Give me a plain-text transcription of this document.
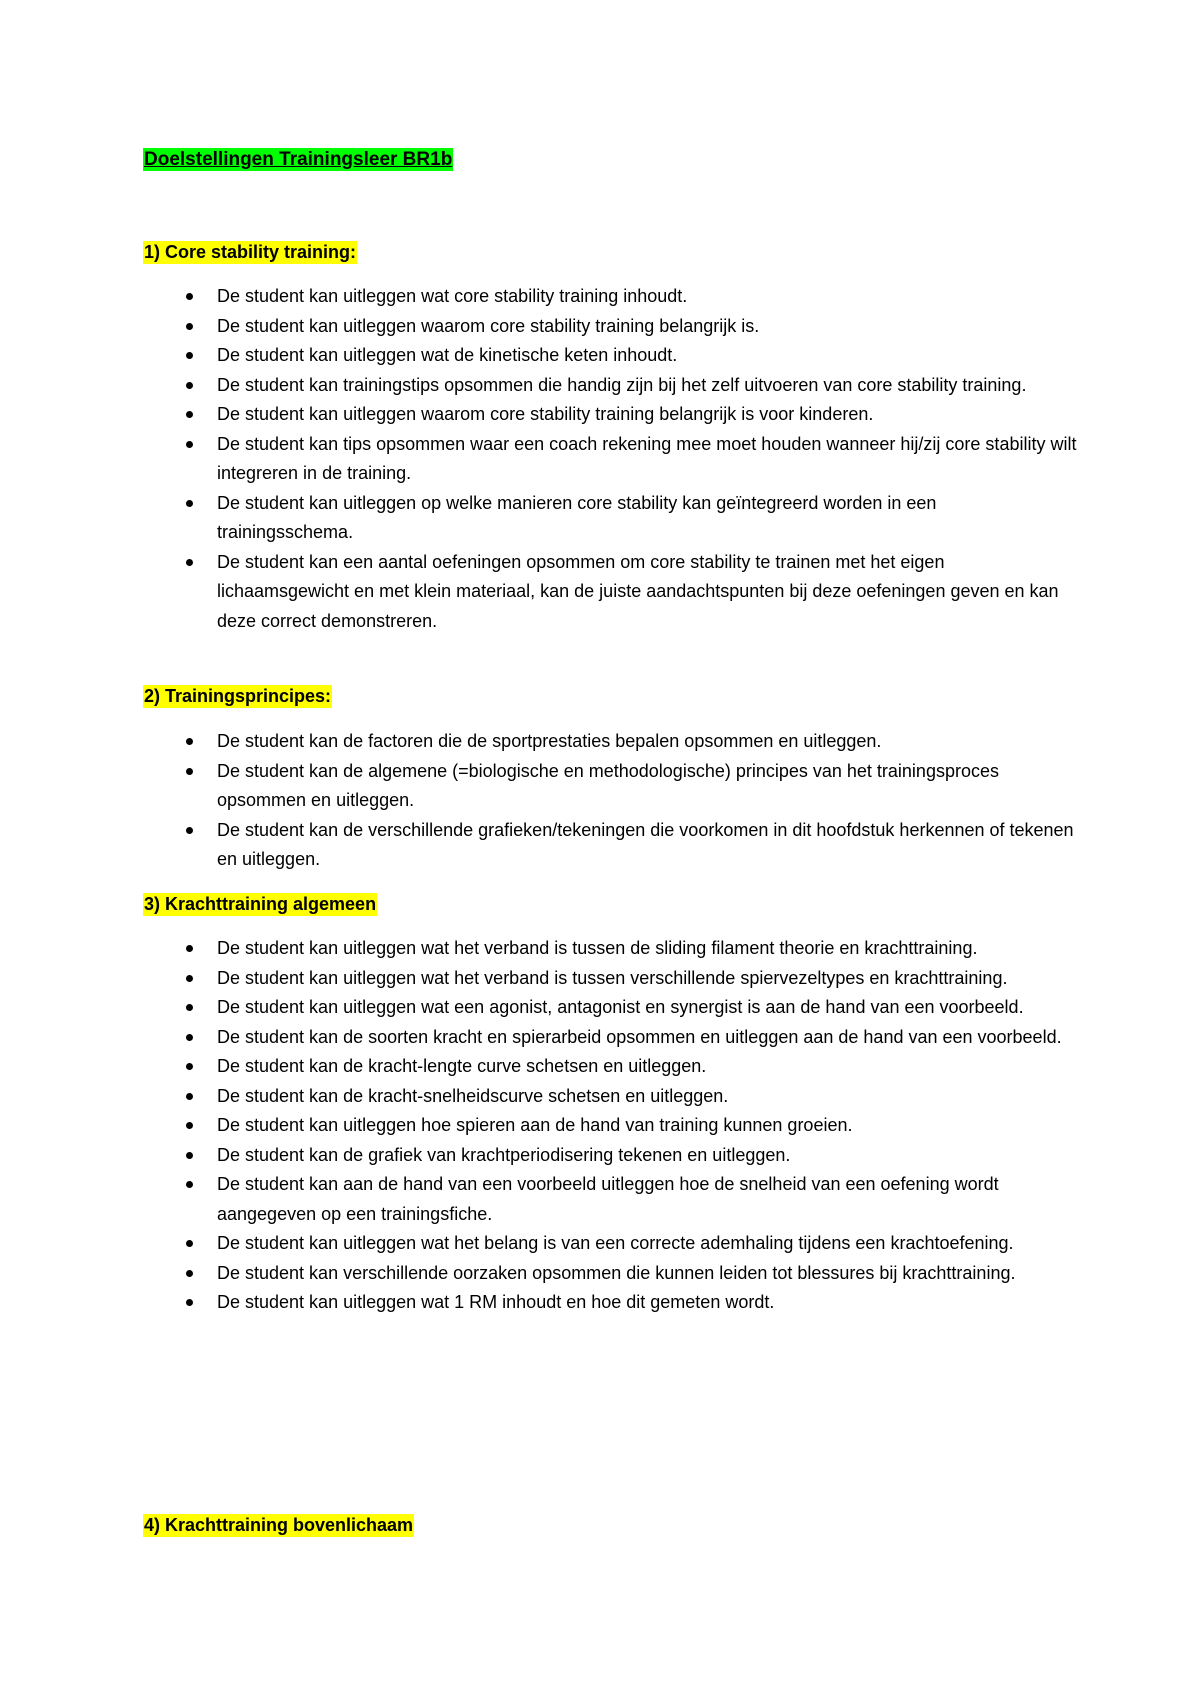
Doelstellingen Trainingsleer BR1b
1) Core stability training:
De student kan uitleggen wat core stability training inhoudt.
De student kan uitleggen waarom core stability training belangrijk is.
De student kan uitleggen wat de kinetische keten inhoudt.
De student kan trainingstips opsommen die handig zijn bij het zelf uitvoeren van core stability training.
De student kan uitleggen waarom core stability training belangrijk is voor kinderen.
De student kan tips opsommen waar een coach rekening mee moet houden wanneer hij/zij core stability wilt integreren in de training.
De student kan uitleggen op welke manieren core stability kan geïntegreerd worden in een trainingsschema.
De student kan een aantal oefeningen opsommen om core stability te trainen met het eigen lichaamsgewicht en met klein materiaal, kan de juiste aandachtspunten bij deze oefeningen geven en kan deze correct demonstreren.
2) Trainingsprincipes:
De student kan de factoren die de sportprestaties bepalen opsommen en uitleggen.
De student kan de algemene (=biologische en methodologische) principes van het trainingsproces opsommen en uitleggen.
De student kan de verschillende grafieken/tekeningen die voorkomen in dit hoofdstuk herkennen of tekenen en uitleggen.
3) Krachttraining algemeen
De student kan uitleggen wat het verband is tussen de sliding filament theorie en krachttraining.
De student kan uitleggen wat het verband is tussen verschillende spiervezeltypes en krachttraining.
De student kan uitleggen wat een agonist, antagonist en synergist is aan de hand van een voorbeeld.
De student kan de soorten kracht en spierarbeid opsommen en uitleggen aan de hand van een voorbeeld.
De student kan de kracht-lengte curve schetsen en uitleggen.
De student kan de kracht-snelheidscurve schetsen en uitleggen.
De student kan uitleggen hoe spieren aan de hand van training kunnen groeien.
De student kan de grafiek van krachtperiodisering tekenen en uitleggen.
De student kan aan de hand van een voorbeeld uitleggen hoe de snelheid van een oefening wordt aangegeven op een trainingsfiche.
De student kan uitleggen wat het belang is van een correcte ademhaling tijdens een krachtoefening.
De student kan verschillende oorzaken opsommen die kunnen leiden tot blessures bij krachttraining.
De student kan uitleggen wat 1 RM inhoudt en hoe dit gemeten wordt.
4) Krachttraining bovenlichaam
